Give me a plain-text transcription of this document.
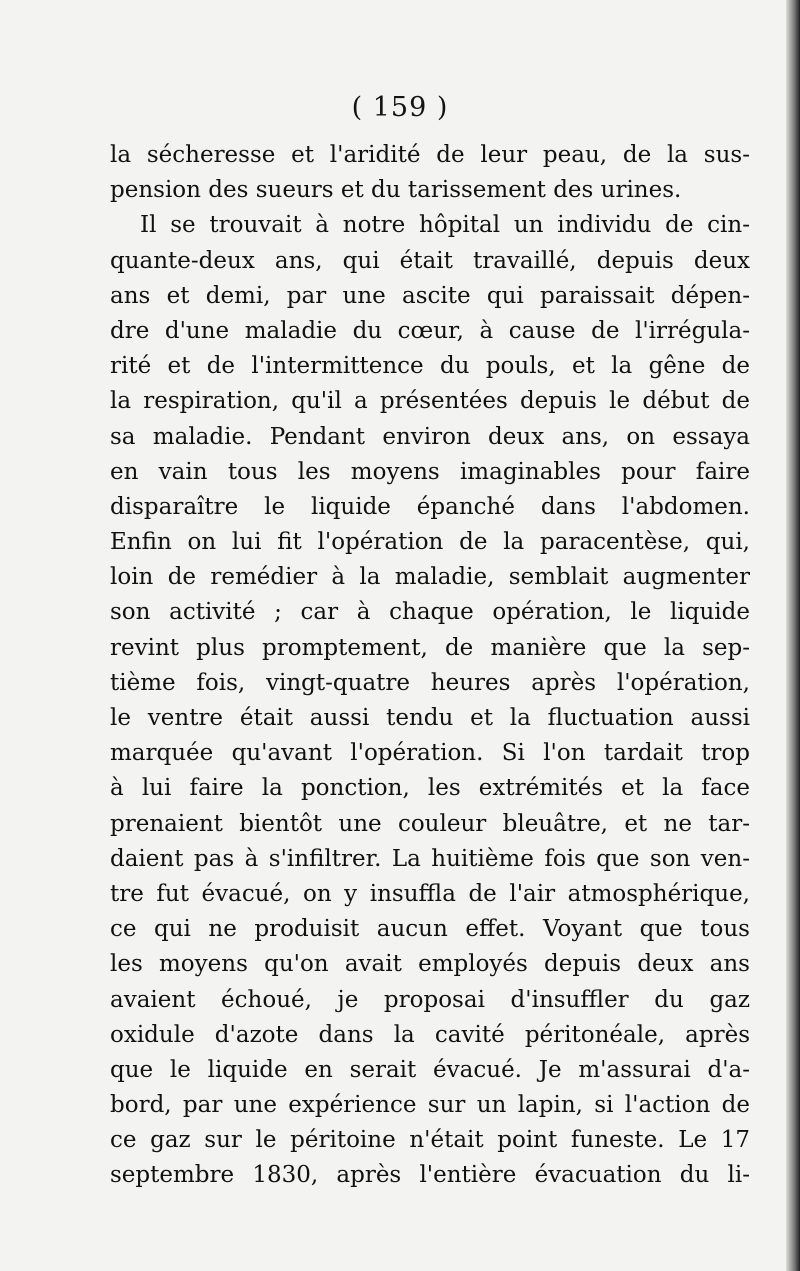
( 159 )
la sécheresse et l'aridité de leur peau, de la sus-
pension des sueurs et du tarissement des urines.
Il se trouvait à notre hôpital un individu de cin-
quante-deux ans, qui était travaillé, depuis deux
ans et demi, par une ascite qui paraissait dépen-
dre d'une maladie du cœur, à cause de l'irrégula-
rité et de l'intermittence du pouls, et la gêne de
la respiration, qu'il a présentées depuis le début de
sa maladie. Pendant environ deux ans, on essaya
en vain tous les moyens imaginables pour faire
disparaître le liquide épanché dans l'abdomen.
Enfin on lui fit l'opération de la paracentèse, qui,
loin de remédier à la maladie, semblait augmenter
son activité ; car à chaque opération, le liquide
revint plus promptement, de manière que la sep-
tième fois, vingt-quatre heures après l'opération,
le ventre était aussi tendu et la fluctuation aussi
marquée qu'avant l'opération. Si l'on tardait trop
à lui faire la ponction, les extrémités et la face
prenaient bientôt une couleur bleuâtre, et ne tar-
daient pas à s'infiltrer. La huitième fois que son ven-
tre fut évacué, on y insuffla de l'air atmosphérique,
ce qui ne produisit aucun effet. Voyant que tous
les moyens qu'on avait employés depuis deux ans
avaient échoué, je proposai d'insuffler du gaz
oxidule d'azote dans la cavité péritonéale, après
que le liquide en serait évacué. Je m'assurai d'a-
bord, par une expérience sur un lapin, si l'action de
ce gaz sur le péritoine n'était point funeste. Le 17
septembre 1830, après l'entière évacuation du li-
